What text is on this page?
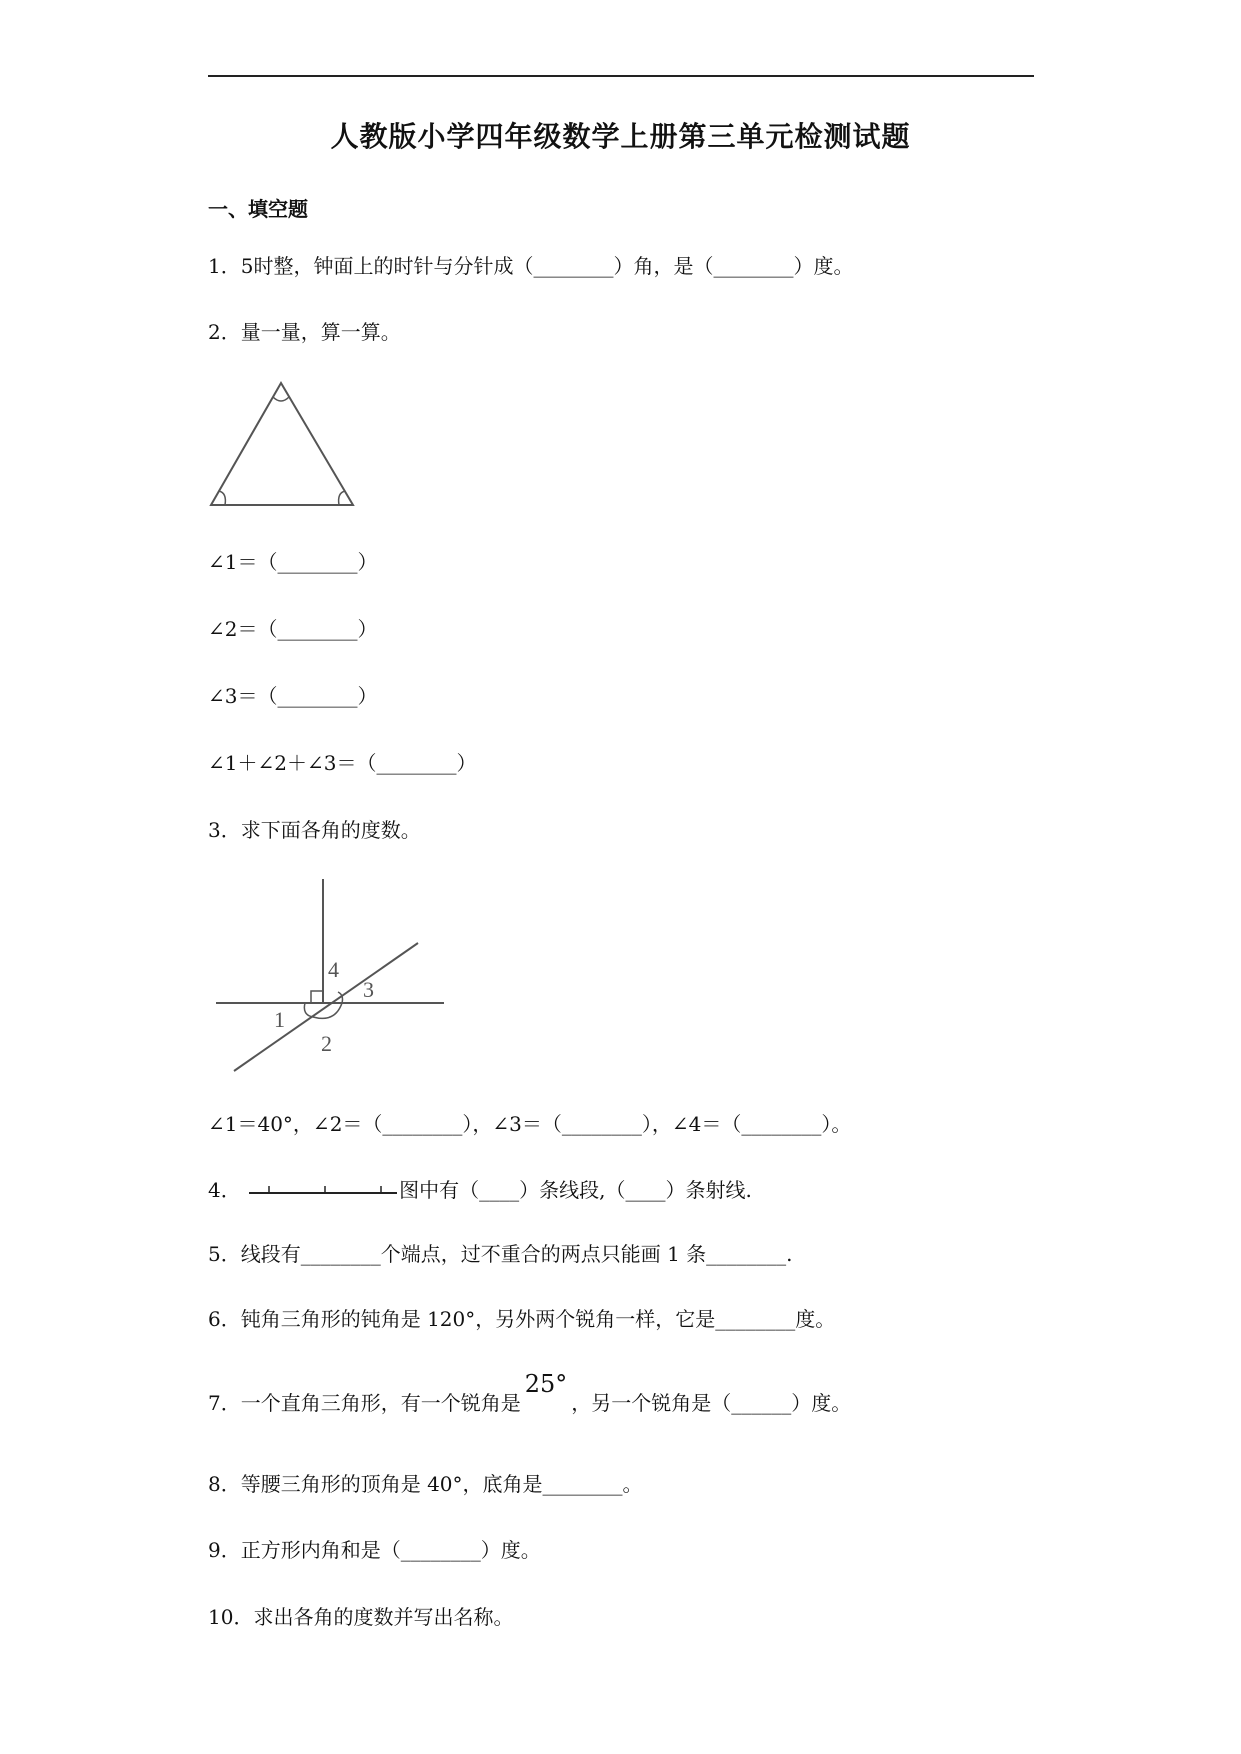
人教版小学四年级数学上册第三单元检测试题
一、填空题
1．5时整，钟面上的时针与分针成（________）角，是（________）度。
2．量一量，算一算。
∠1＝（________）
∠2＝（________）
∠3＝（________）
∠1＋∠2＋∠3＝（________）
3．求下面各角的度数。
1
2
3
4
∠1＝40°，∠2＝（________），∠3＝（________），∠4＝（________）。
4．	图中有（____）条线段,（____）条射线.
5．线段有________个端点，过不重合的两点只能画 1 条________.
6．钝角三角形的钝角是 120°，另外两个锐角一样，它是________度。
7．一个直角三角形，有一个锐角是25°，另一个锐角是（______）度。
8．等腰三角形的顶角是 40°，底角是________。
9．正方形内角和是（________）度。
10．求出各角的度数并写出名称。
